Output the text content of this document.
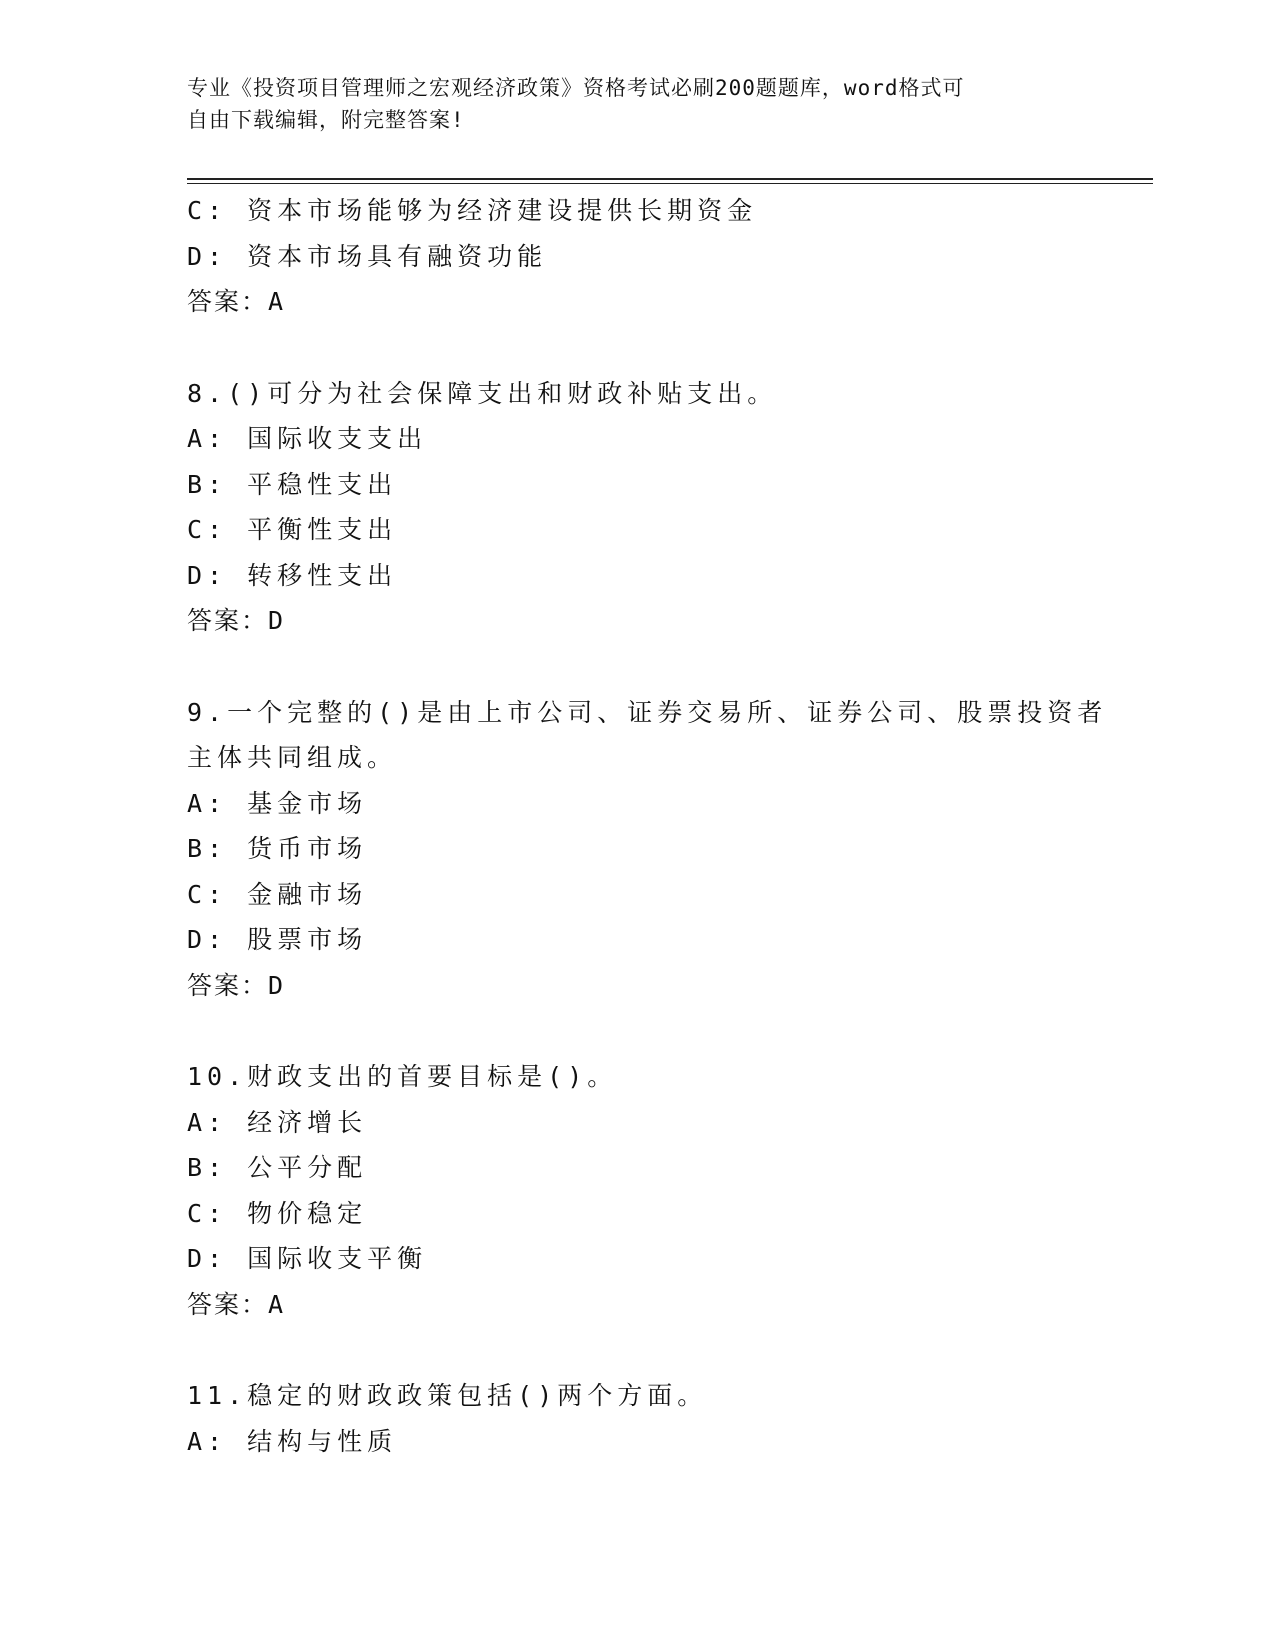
专业《投资项目管理师之宏观经济政策》资格考试必刷200题题库，word格式可
自由下载编辑，附完整答案!
C: 资本市场能够为经济建设提供长期资金
D: 资本市场具有融资功能
答案：A
8.()可分为社会保障支出和财政补贴支出。
A: 国际收支支出
B: 平稳性支出
C: 平衡性支出
D: 转移性支出
答案：D
9.一个完整的()是由上市公司、证券交易所、证券公司、股票投资者
主体共同组成。
A: 基金市场
B: 货币市场
C: 金融市场
D: 股票市场
答案：D
10.财政支出的首要目标是()。
A: 经济增长
B: 公平分配
C: 物价稳定
D: 国际收支平衡
答案：A
11.稳定的财政政策包括()两个方面。
A: 结构与性质
